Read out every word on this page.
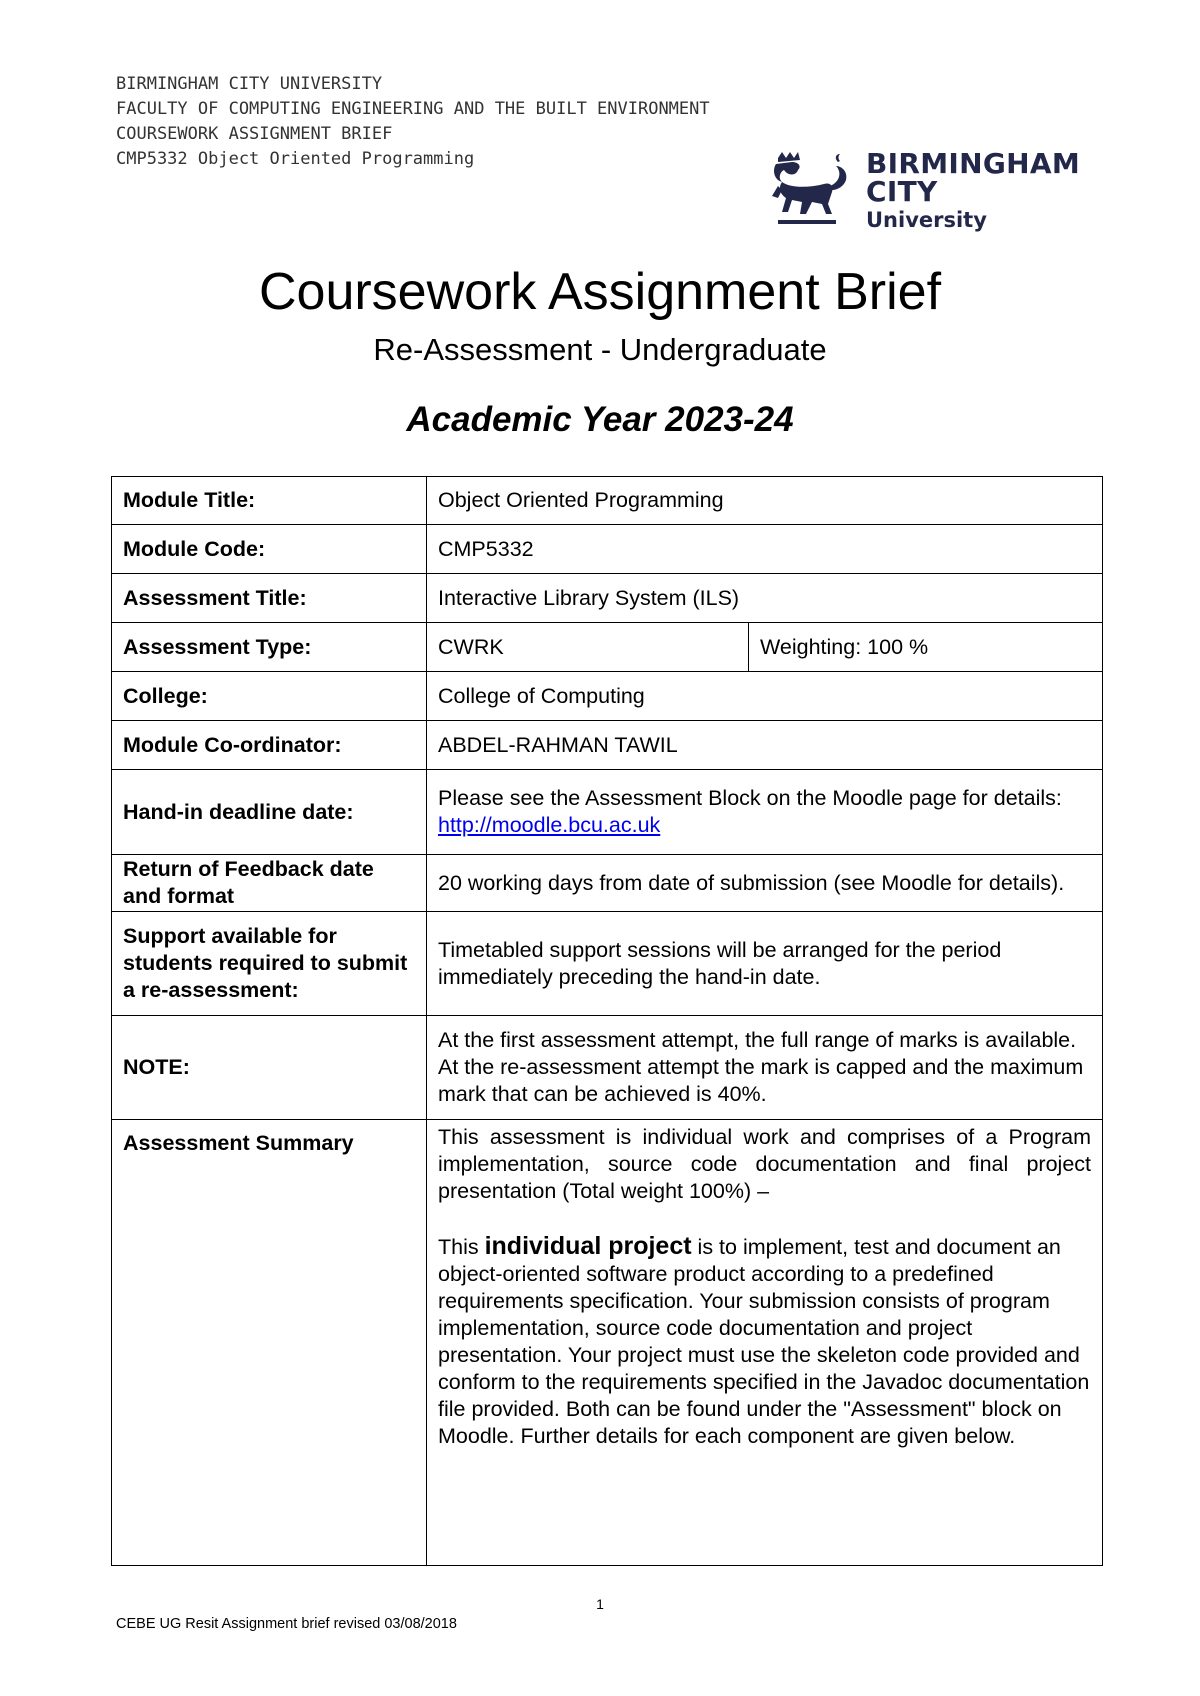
BIRMINGHAM CITY UNIVERSITY
FACULTY OF COMPUTING ENGINEERING AND THE BUILT ENVIRONMENT
COURSEWORK ASSIGNMENT BRIEF
CMP5332 Object Oriented Programming	BIRMINGHAM CITY
University
Coursework Assignment Brief
Re-Assessment - Undergraduate
Academic Year 2023-24
Module Title:	Object Oriented Programming	
Module Code:	CMP5332	
Assessment Title:	Interactive Library System (ILS)	
Assessment Type:	CWRK	Weighting: 100 %
College:	College of Computing	
Module Co-ordinator:	ABDEL-RAHMAN TAWIL	
Hand-in deadline date:	Please see the Assessment Block on the Moodle page for details:
http://moodle.bcu.ac.uk	
Return of Feedback date and format	20 working days from date of submission (see Moodle for details).	
Support available for students required to submit a re-assessment:	Timetabled support sessions will be arranged for the period immediately preceding the hand-in date.	
NOTE:	At the first assessment attempt, the full range of marks is available. At the re-assessment attempt the mark is capped and the maximum mark that can be achieved is 40%.	
Assessment Summary	This assessment is individual work and comprises of a Program implementation, source code documentation and final project presentation (Total weight 100%) –
This individual project is to implement, test and document an object-oriented software product according to a predefined requirements specification. Your submission consists of program implementation, source code documentation and project presentation. Your project must use the skeleton code provided and conform to the requirements specified in the Javadoc documentation file provided. Both can be found under the "Assessment" block on Moodle. Further details for each component are given below.	
1
CEBE UG Resit Assignment brief revised 03/08/2018
